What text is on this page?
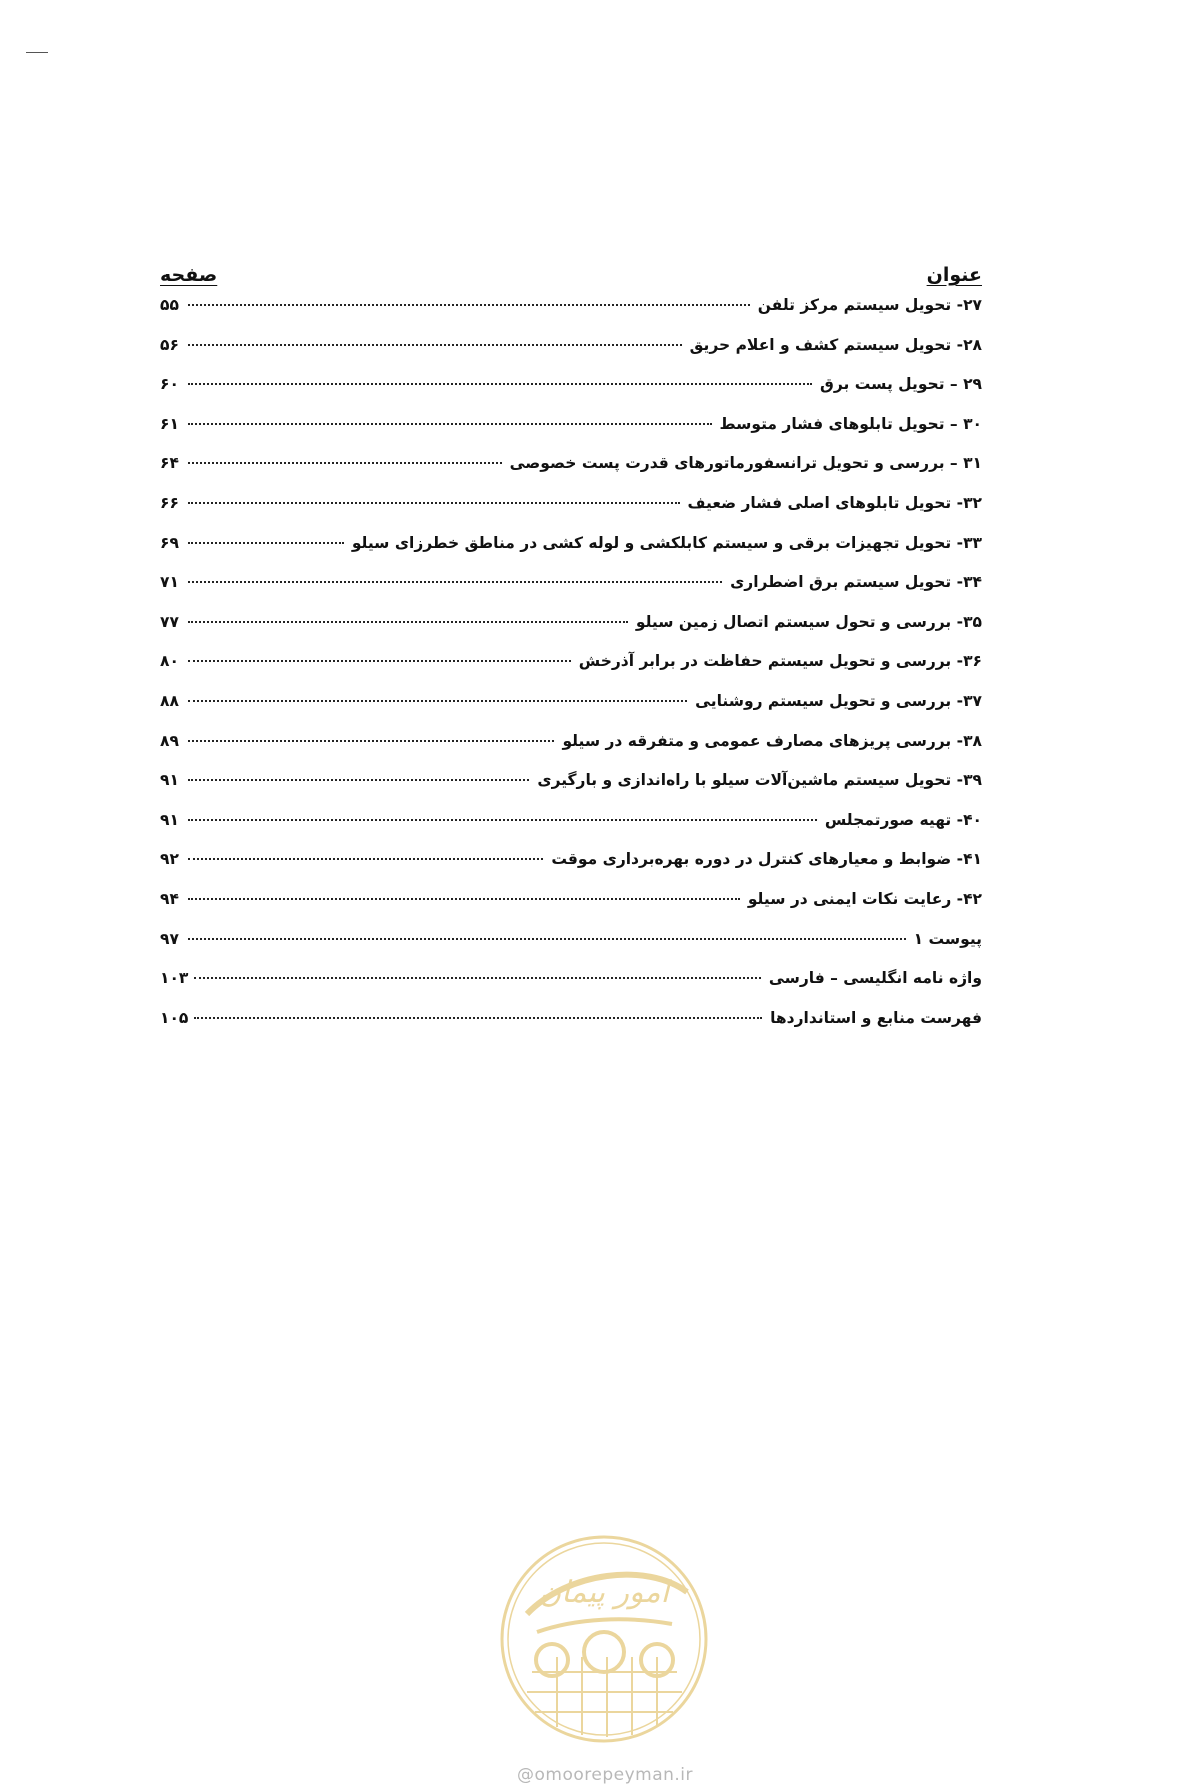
عنوان
صفحه
۲۷- تحویل سیستم مرکز تلفن
۵۵
۲۸- تحویل سیستم کشف و اعلام حریق
۵۶
۲۹ – تحویل پست برق
۶۰
۳۰ – تحویل تابلوهای فشار متوسط
۶۱
۳۱ – بررسی و تحویل ترانسفورماتورهای قدرت پست خصوصی
۶۴
۳۲- تحویل تابلوهای اصلی فشار ضعیف
۶۶
۳۳- تحویل تجهیزات برقی و سیستم کابلکشی و لوله کشی در مناطق خطرزای سیلو
۶۹
۳۴- تحویل سیستم برق اضطراری
۷۱
۳۵- بررسی و تحول سیستم اتصال زمین سیلو
۷۷
۳۶- بررسی و تحویل سیستم حفاظت در برابر آذرخش
۸۰
۳۷- بررسی و تحویل سیستم روشنایی
۸۸
۳۸- بررسی پریزهای مصارف عمومی و متفرقه در سیلو
۸۹
۳۹- تحویل سیستم ماشین‌آلات سیلو با راه‌اندازی و بارگیری
۹۱
۴۰- تهیه صورتمجلس
۹۱
۴۱- ضوابط و معیارهای کنترل در دوره بهره‌برداری موقت
۹۲
۴۲- رعایت نکات ایمنی در سیلو
۹۴
پیوست ۱
۹۷
واژه نامه انگلیسی – فارسی
۱۰۳
فهرست منابع و استانداردها
۱۰۵
امور پیمان
@omoorepeyman.ir
